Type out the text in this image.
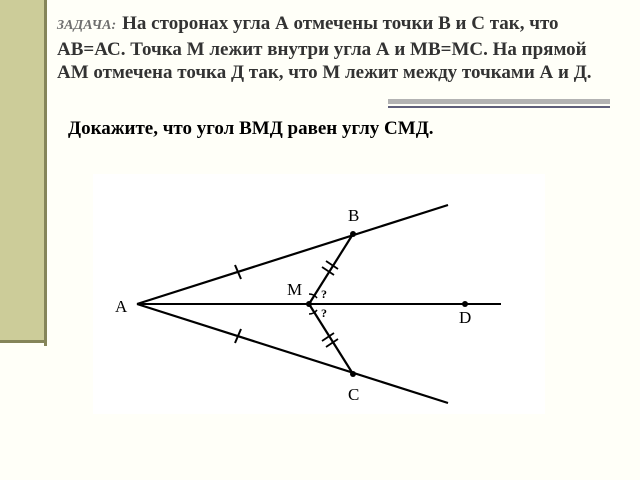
ЗАДАЧА: На сторонах угла А отмечены точки В и С так, что АВ=АС. Точка М лежит внутри угла А и МВ=МС. На прямой АМ отмечена точка Д так, что М лежит между точками А и Д.
Докажите, что угол ВМД равен углу СМД.
А
В
С
М
D
?
?
